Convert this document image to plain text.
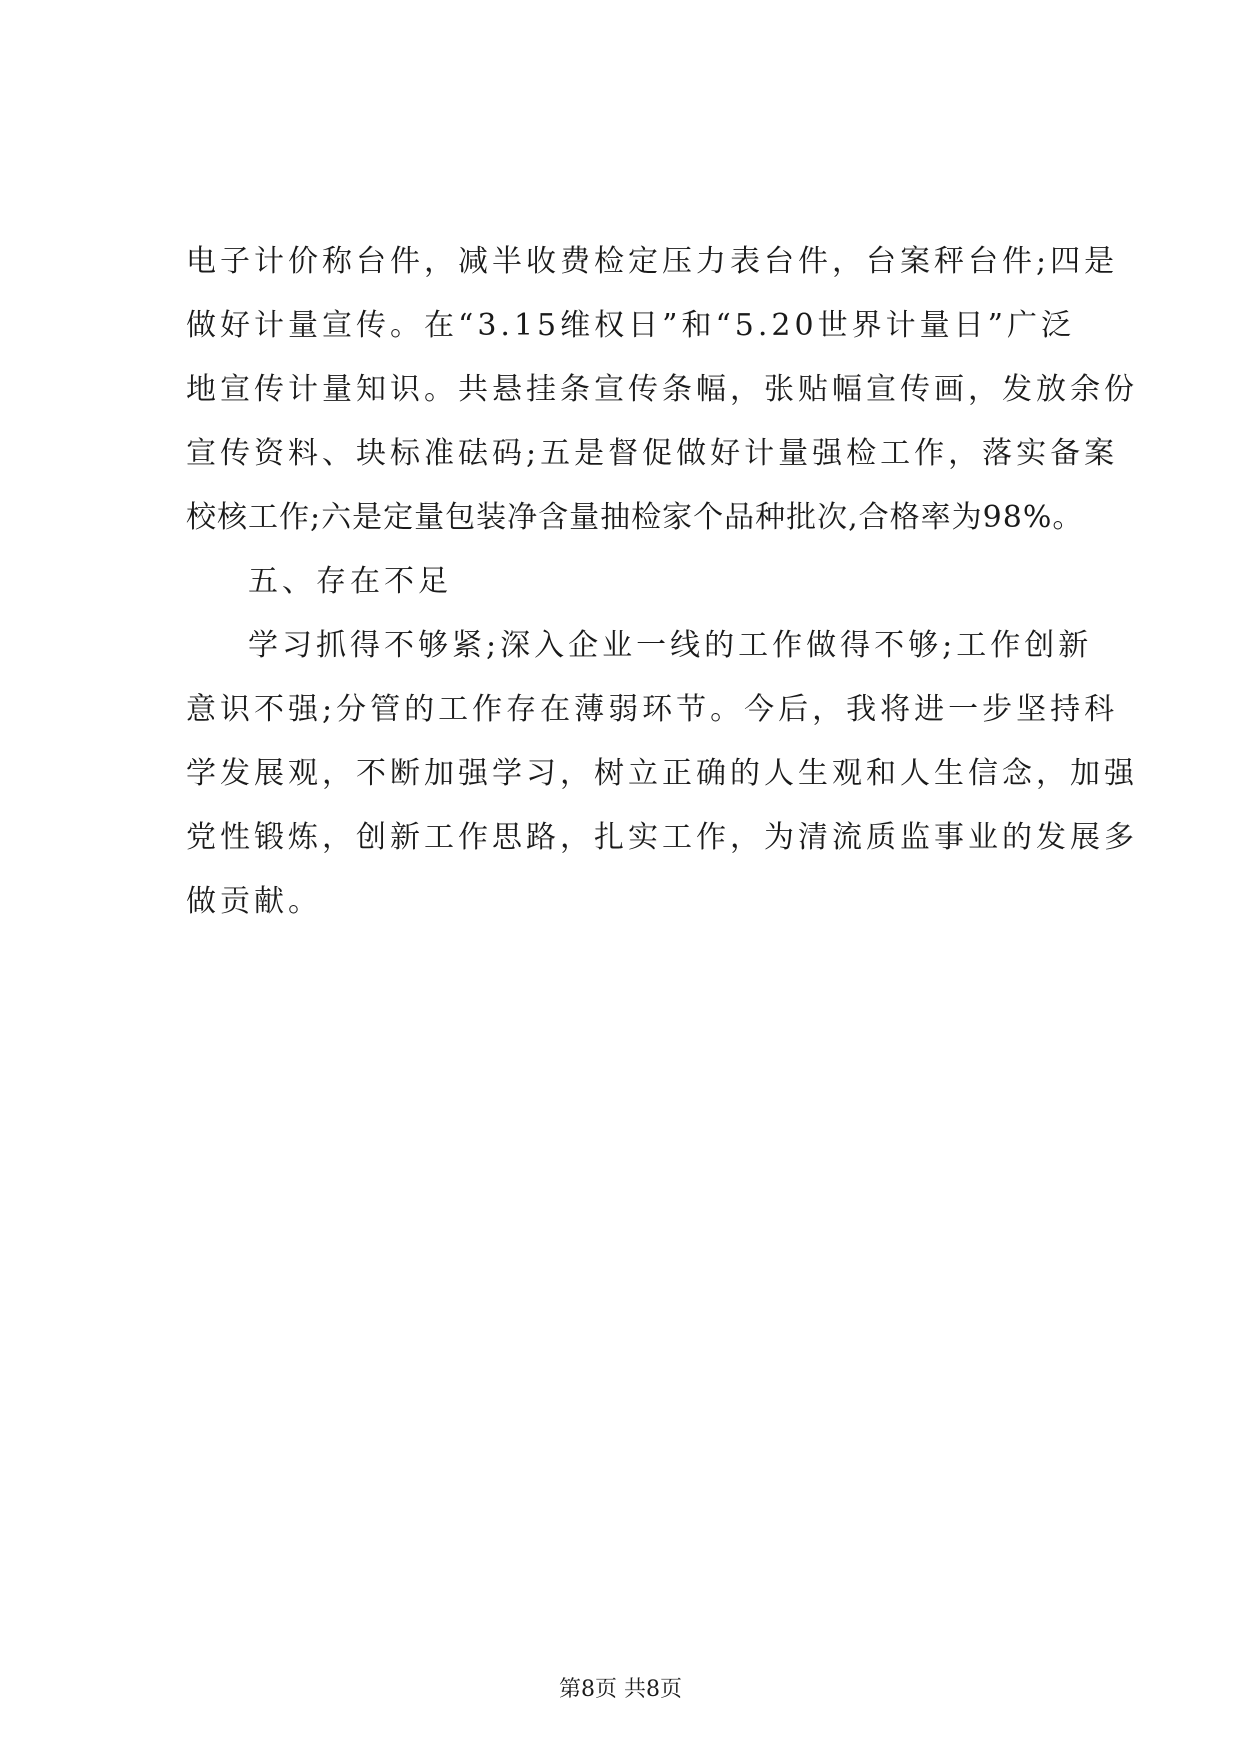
电子计价称台件，减半收费检定压力表台件，台案秤台件;四是
做好计量宣传。在“3.15维权日”和“5.20世界计量日”广泛
地宣传计量知识。共悬挂条宣传条幅，张贴幅宣传画，发放余份
宣传资料、块标准砝码;五是督促做好计量强检工作，落实备案
校核工作;六是定量包装净含量抽检家个品种批次,合格率为98%。
五、存在不足
学习抓得不够紧;深入企业一线的工作做得不够;工作创新
意识不强;分管的工作存在薄弱环节。今后，我将进一步坚持科
学发展观，不断加强学习，树立正确的人生观和人生信念，加强
党性锻炼，创新工作思路，扎实工作，为清流质监事业的发展多
做贡献。
第8页 共8页
